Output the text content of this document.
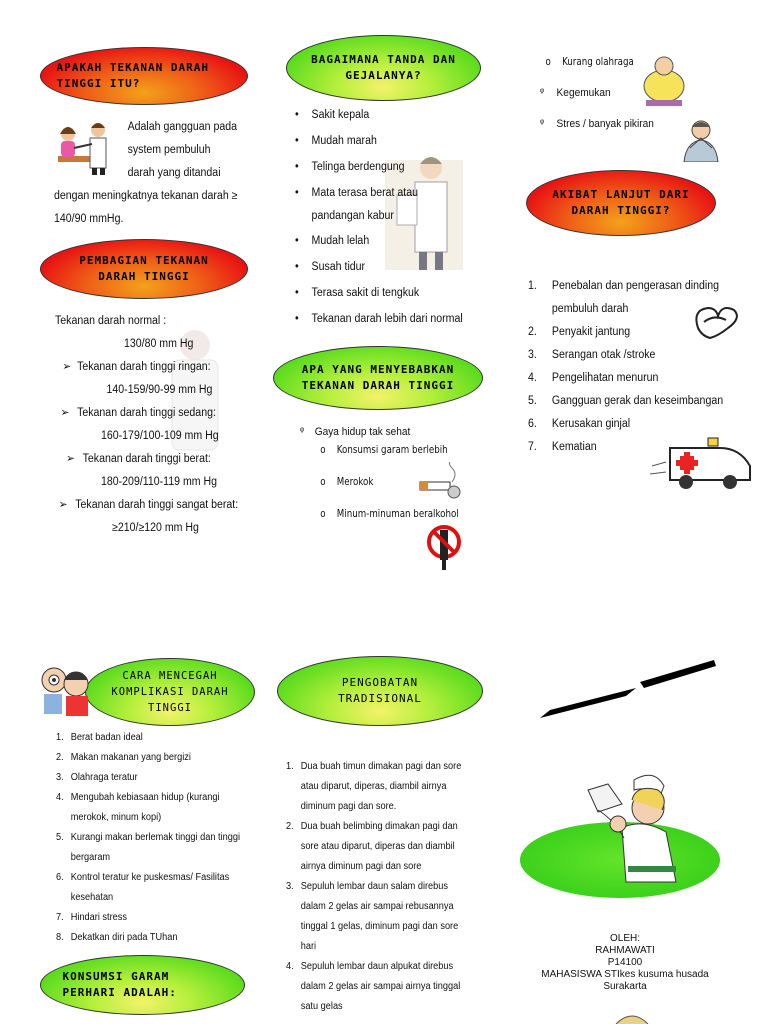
APAKAH TEKANAN DARAH TINGGI ITU?
Adalah gangguan pada
system pembuluh
darah yang ditandai
dengan meningkatnya tekanan darah ≥
140/90 mmHg.
PEMBAGIAN TEKANAN DARAH TINGGI
Tekanan darah normal :
130/80 mm Hg
➢ Tekanan darah tinggi ringan:
140-159/90-99 mm Hg
➢ Tekanan darah tinggi sedang:
160-179/100-109 mm Hg
➢ Tekanan darah tinggi berat:
180-209/110-119 mm Hg
➢ Tekanan darah tinggi sangat berat:
≥210/≥120 mm Hg
BAGAIMANA TANDA DAN GEJALANYA?
• Sakit kepala
• Mudah marah
• Telinga berdengung
• Mata terasa berat atau
pandangan kabur
• Mudah lelah
• Susah tidur
• Terasa sakit di tengkuk
• Tekanan darah lebih dari normal
APA YANG MENYEBABKAN TEKANAN DARAH TINGGI
ᵠ Gaya hidup tak sehat
o Konsumsi garam berlebih
o Merokok
o Minum-minuman beralkohol
o Kurang olahraga
ᵠ Kegemukan
ᵠ Stres / banyak pikiran
AKIBAT LANJUT DARI DARAH TINGGI?
1.	Penebalan dan pengerasan dinding
pembuluh darah
2.	Penyakit jantung
3.	Serangan otak /stroke
4.	Pengelihatan menurun
5.	Gangguan gerak dan keseimbangan
6.	Kerusakan ginjal
7.	Kematian
CARA MENCEGAH KOMPLIKASI DARAH TINGGI
1. Berat badan ideal
2. Makan makanan yang bergizi
3. Olahraga teratur
4. Mengubah kebiasaan hidup (kurangi
merokok, minum kopi)
5. Kurangi makan berlemak tinggi dan tinggi
bergaram
6. Kontrol teratur ke puskesmas/ Fasilitas
kesehatan
7. Hindari stress
8. Dekatkan diri pada TUhan
KONSUMSI GARAM PERHARI ADALAH:
PENGOBATAN TRADISIONAL
1. Dua buah timun dimakan pagi dan sore
atau diparut, diperas, diambil airnya
diminum pagi dan sore.
2. Dua buah belimbing dimakan pagi dan
sore atau diparut, diperas dan diambil
airnya diminum pagi dan sore
3. Sepuluh lembar daun salam direbus
dalam 2 gelas air sampai rebusannya
tinggal 1 gelas, diminum pagi dan sore
hari
4. Sepuluh lembar daun alpukat direbus
dalam 2 gelas air sampai airnya tinggal
satu gelas
OLEH:
RAHMAWATI
P14100
MAHASISWA STIkes kusuma husada
Surakarta
